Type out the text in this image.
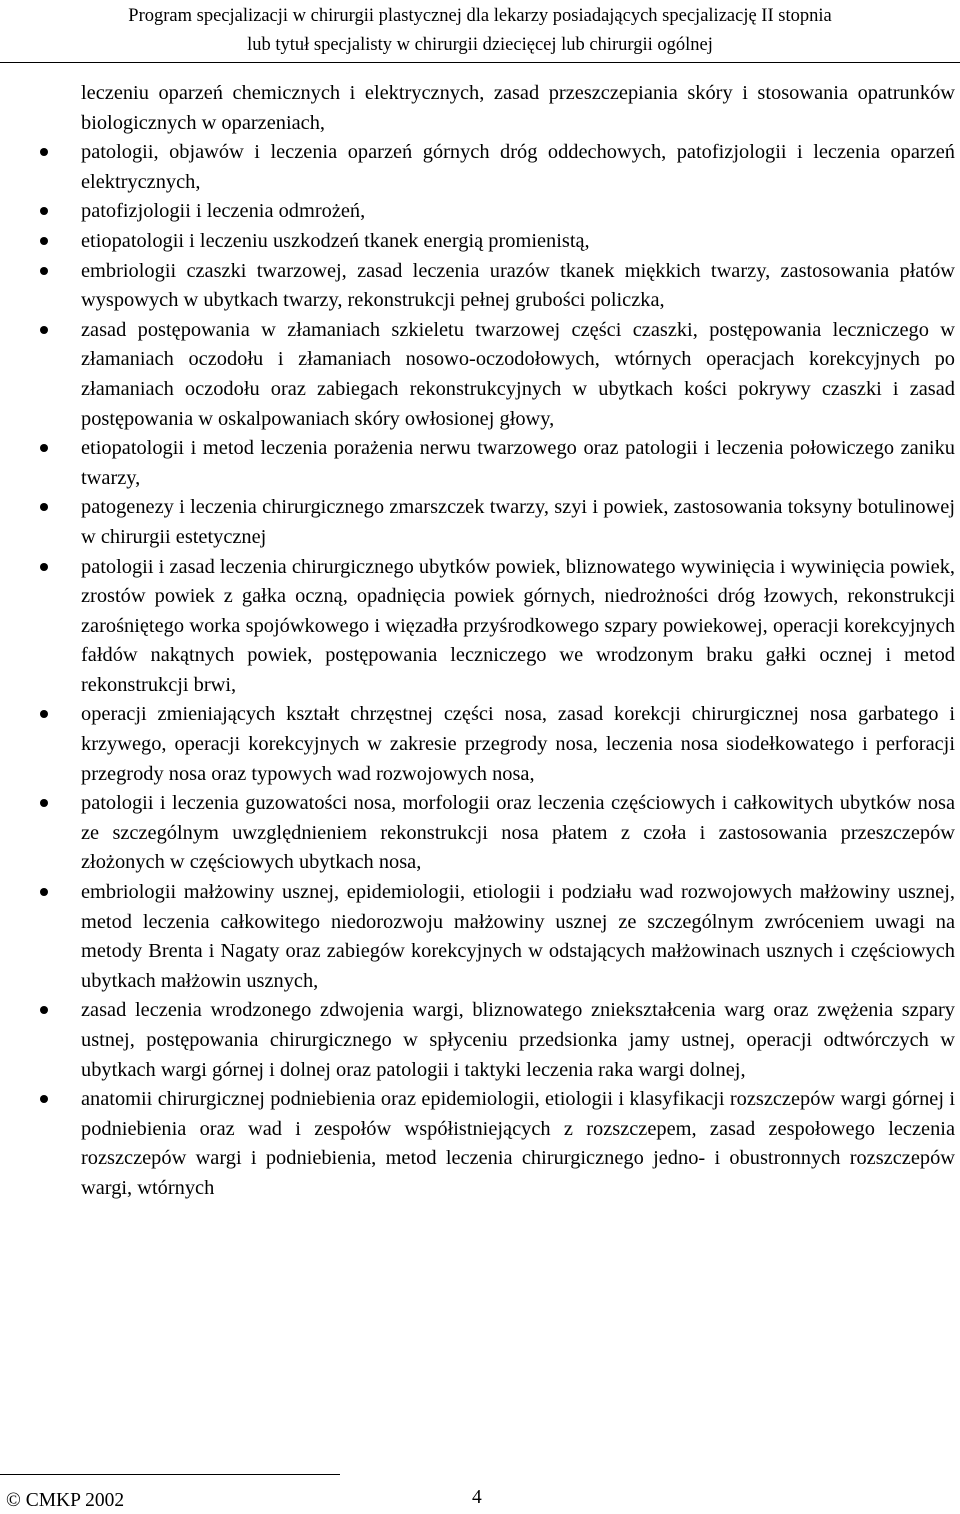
Program specjalizacji w chirurgii plastycznej dla lekarzy posiadających specjalizację II stopnia
lub tytuł specjalisty w chirurgii dziecięcej lub chirurgii ogólnej
leczeniu oparzeń chemicznych i elektrycznych, zasad przeszczepiania skóry i stosowania opatrunków biologicznych w oparzeniach,
patologii, objawów i leczenia oparzeń górnych dróg oddechowych, patofizjologii i leczenia oparzeń elektrycznych,
patofizjologii i leczenia odmrożeń,
etiopatologii i leczeniu uszkodzeń tkanek energią promienistą,
embriologii czaszki twarzowej, zasad leczenia urazów tkanek miękkich twarzy, zastosowania płatów wyspowych w ubytkach twarzy, rekonstrukcji pełnej grubości policzka,
zasad postępowania w złamaniach szkieletu twarzowej części czaszki, postępowania leczniczego w złamaniach oczodołu i złamaniach nosowo-oczodołowych, wtórnych operacjach korekcyjnych po złamaniach oczodołu oraz zabiegach rekonstrukcyjnych w ubytkach kości pokrywy czaszki i zasad postępowania w oskalpowaniach skóry owłosionej głowy,
etiopatologii i metod leczenia porażenia nerwu twarzowego oraz patologii i leczenia połowiczego zaniku twarzy,
patogenezy i leczenia chirurgicznego zmarszczek twarzy, szyi i powiek, zastosowania toksyny botulinowej w chirurgii estetycznej
patologii i zasad leczenia chirurgicznego ubytków powiek, bliznowatego wywinięcia i wywinięcia powiek, zrostów powiek z gałka oczną, opadnięcia powiek górnych, niedrożności dróg łzowych, rekonstrukcji zarośniętego worka spojówkowego i więzadła przyśrodkowego szpary powiekowej, operacji korekcyjnych fałdów nakątnych powiek, postępowania leczniczego we wrodzonym braku gałki ocznej i metod rekonstrukcji brwi,
operacji zmieniających kształt chrzęstnej części nosa, zasad korekcji chirurgicznej nosa garbatego i krzywego, operacji korekcyjnych w zakresie przegrody nosa, leczenia nosa siodełkowatego i perforacji przegrody nosa oraz typowych wad rozwojowych nosa,
patologii i leczenia guzowatości nosa, morfologii oraz leczenia częściowych i całkowitych ubytków nosa ze szczególnym uwzględnieniem rekonstrukcji nosa płatem z czoła i zastosowania przeszczepów złożonych w częściowych ubytkach nosa,
embriologii małżowiny usznej, epidemiologii, etiologii i podziału wad rozwojowych małżowiny usznej, metod leczenia całkowitego niedorozwoju małżowiny usznej ze szczególnym zwróceniem uwagi na metody Brenta i Nagaty oraz zabiegów korekcyjnych w odstających małżowinach usznych i częściowych ubytkach małżowin usznych,
zasad leczenia wrodzonego zdwojenia wargi, bliznowatego zniekształcenia warg oraz zwężenia szpary ustnej, postępowania chirurgicznego w spłyceniu przedsionka jamy ustnej, operacji odtwórczych w ubytkach wargi górnej i dolnej oraz patologii i taktyki leczenia raka wargi dolnej,
anatomii chirurgicznej podniebienia oraz epidemiologii, etiologii i klasyfikacji rozszczepów wargi górnej i podniebienia oraz wad i zespołów współistniejących z rozszczepem, zasad zespołowego leczenia rozszczepów wargi i podniebienia, metod leczenia chirurgicznego jedno- i obustronnych rozszczepów wargi, wtórnych
© CMKP 2002	4
